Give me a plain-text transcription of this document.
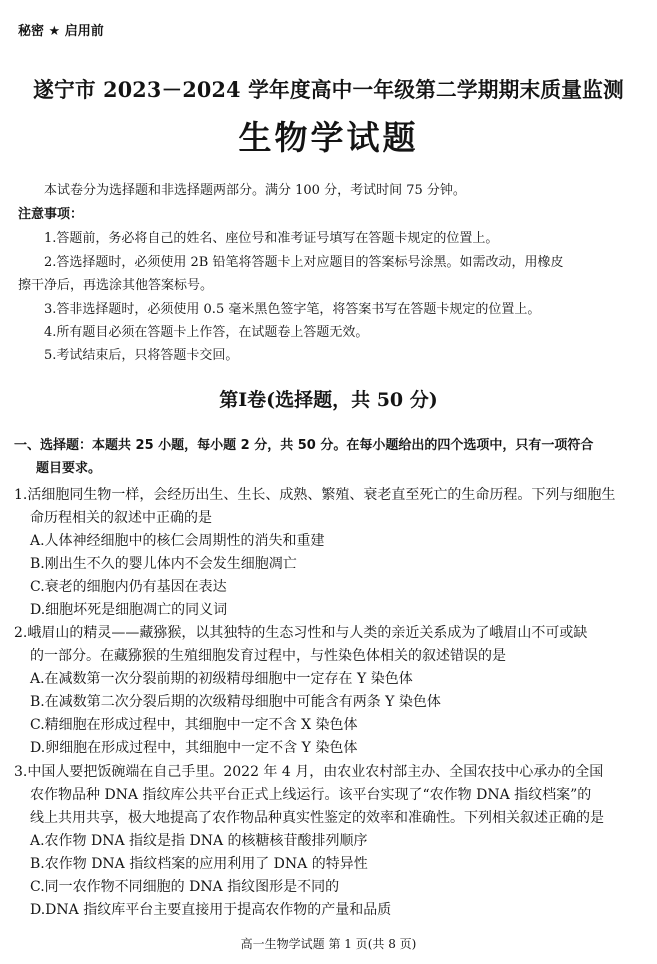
秘密 ★ 启用前
遂宁市 2023－2024 学年度高中一年级第二学期期末质量监测
生物学试题
本试卷分为选择题和非选择题两部分。满分 100 分，考试时间 75 分钟。
注意事项：
1.答题前，务必将自己的姓名、座位号和准考证号填写在答题卡规定的位置上。
2.答选择题时，必须使用 2B 铅笔将答题卡上对应题目的答案标号涂黑。如需改动，用橡皮
擦干净后，再选涂其他答案标号。
3.答非选择题时，必须使用 0.5 毫米黑色签字笔，将答案书写在答题卡规定的位置上。
4.所有题目必须在答题卡上作答，在试题卷上答题无效。
5.考试结束后，只将答题卡交回。
第Ⅰ卷(选择题，共 50 分)
一、选择题：本题共 25 小题，每小题 2 分，共 50 分。在每小题给出的四个选项中，只有一项符合
题目要求。
1.活细胞同生物一样，会经历出生、生长、成熟、繁殖、衰老直至死亡的生命历程。下列与细胞生
命历程相关的叙述中正确的是
A.人体神经细胞中的核仁会周期性的消失和重建
B.刚出生不久的婴儿体内不会发生细胞凋亡
C.衰老的细胞内仍有基因在表达
D.细胞坏死是细胞凋亡的同义词
2.峨眉山的精灵——藏猕猴，以其独特的生态习性和与人类的亲近关系成为了峨眉山不可或缺
的一部分。在藏猕猴的生殖细胞发育过程中，与性染色体相关的叙述错误的是
A.在减数第一次分裂前期的初级精母细胞中一定存在 Y 染色体
B.在减数第二次分裂后期的次级精母细胞中可能含有两条 Y 染色体
C.精细胞在形成过程中，其细胞中一定不含 X 染色体
D.卵细胞在形成过程中，其细胞中一定不含 Y 染色体
3.中国人要把饭碗端在自己手里。2022 年 4 月，由农业农村部主办、全国农技中心承办的全国
农作物品种 DNA 指纹库公共平台正式上线运行。该平台实现了“农作物 DNA 指纹档案”的
线上共用共享，极大地提高了农作物品种真实性鉴定的效率和准确性。下列相关叙述正确的是
A.农作物 DNA 指纹是指 DNA 的核糖核苷酸排列顺序
B.农作物 DNA 指纹档案的应用利用了 DNA 的特异性
C.同一农作物不同细胞的 DNA 指纹图形是不同的
D.DNA 指纹库平台主要直接用于提高农作物的产量和品质
高一生物学试题 第 1 页(共 8 页)
